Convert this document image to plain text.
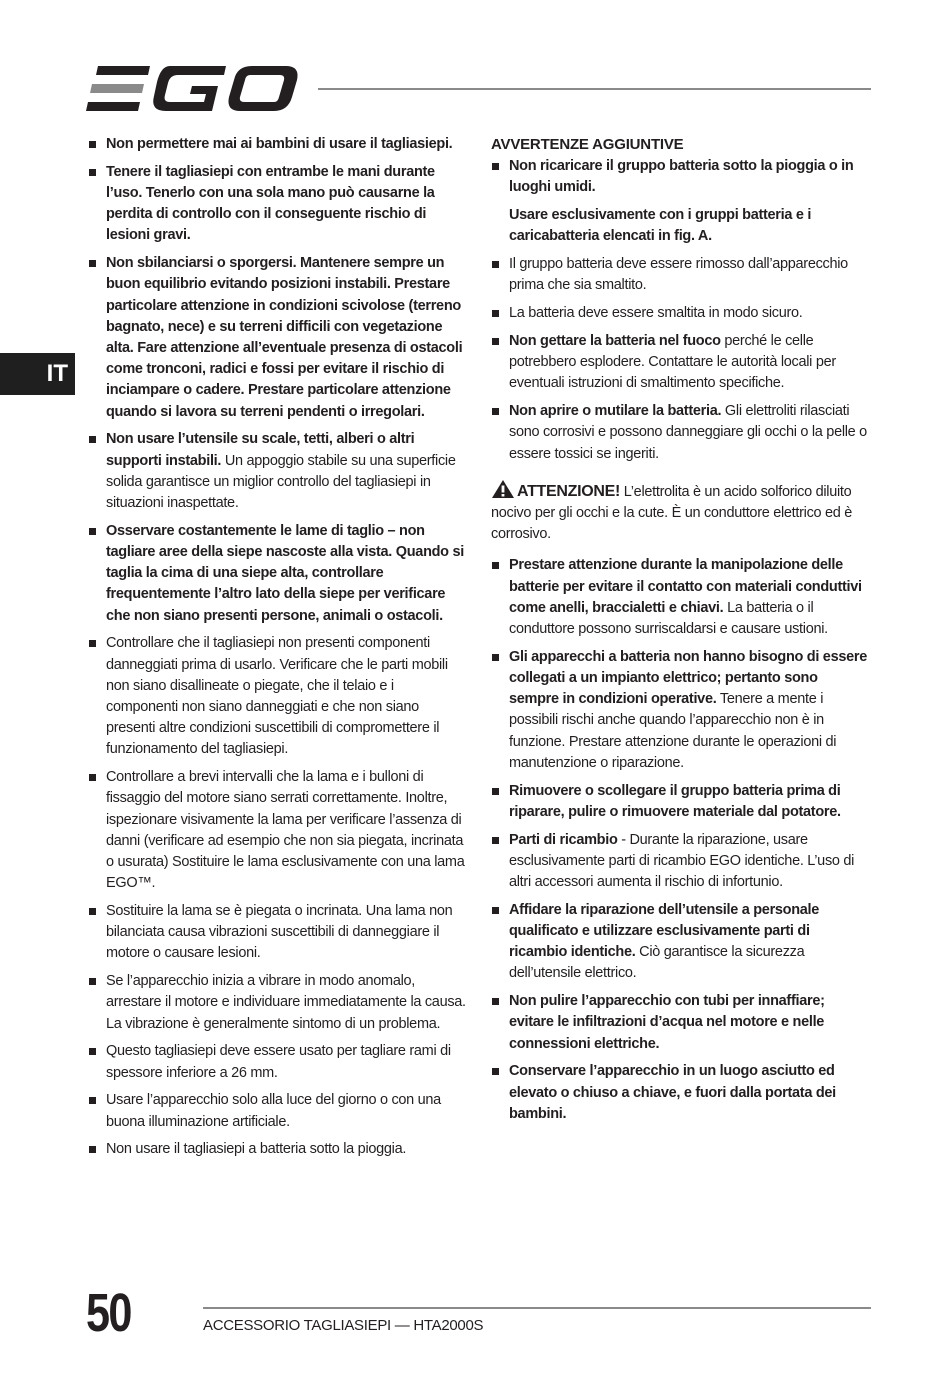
IT
Non permettere mai ai bambini di usare il tagliasiepi.
Tenere il tagliasiepi con entrambe le mani durante l’uso. Tenerlo con una sola mano può causarne la perdita di controllo con il conseguente rischio di lesioni gravi.
Non sbilanciarsi o sporgersi. Mantenere sempre un buon equilibrio evitando posizioni instabili. Prestare particolare attenzione in condizioni scivolose (terreno bagnato, nece) e su terreni difficili con vegetazione alta. Fare attenzione all’eventuale presenza di ostacoli come tronconi, radici e fossi per evitare il rischio di inciampare o cadere. Prestare particolare attenzione quando si lavora su terreni pendenti o irregolari.
Non usare l’utensile su scale, tetti, alberi o altri supporti instabili. Un appoggio stabile su una superficie solida garantisce un miglior controllo del tagliasiepi in situazioni inaspettate.
Osservare costantemente le lame di taglio – non tagliare aree della siepe nascoste alla vista. Quando si taglia la cima di una siepe alta, controllare frequentemente l’altro lato della siepe per verificare che non siano presenti persone, animali o ostacoli.
Controllare che il tagliasiepi non presenti componenti danneggiati prima di usarlo. Verificare che le parti mobili non siano disallineate o piegate, che il telaio e i componenti non siano danneggiati e che non siano presenti altre condizioni suscettibili di compromettere il funzionamento del tagliasiepi.
Controllare a brevi intervalli che la lama e i bulloni di fissaggio del motore siano serrati correttamente. Inoltre, ispezionare visivamente la lama per verificare l’assenza di danni (verificare ad esempio che non sia piegata, incrinata o usurata) Sostituire le lama esclusivamente con una lama EGO™.
Sostituire la lama se è piegata o incrinata. Una lama non bilanciata causa vibrazioni suscettibili di danneggiare il motore o causare lesioni.
Se l’apparecchio inizia a vibrare in modo anomalo, arrestare il motore e individuare immediatamente la causa. La vibrazione è generalmente sintomo di un problema.
Questo tagliasiepi deve essere usato per tagliare rami di spessore inferiore a 26 mm.
Usare l’apparecchio solo alla luce del giorno o con una buona illuminazione artificiale.
Non usare il tagliasiepi a batteria sotto la pioggia.
AVVERTENZE AGGIUNTIVE
Non ricaricare il gruppo batteria sotto la pioggia o in luoghi umidi.
Usare esclusivamente con i gruppi batteria e i caricabatteria elencati in fig. A.
Il gruppo batteria deve essere rimosso dall’apparecchio prima che sia smaltito.
La batteria deve essere smaltita in modo sicuro.
Non gettare la batteria nel fuoco perché le celle potrebbero esplodere. Contattare le autorità locali per eventuali istruzioni di smaltimento specifiche.
Non aprire o mutilare la batteria. Gli elettroliti rilasciati sono corrosivi e possono danneggiare gli occhi o la pelle o essere tossici se ingeriti.
ATTENZIONE! L’elettrolita è un acido solforico diluito nocivo per gli occhi e la cute. È un conduttore elettrico ed è corrosivo.
Prestare attenzione durante la manipolazione delle batterie per evitare il contatto con materiali conduttivi come anelli, braccialetti e chiavi. La batteria o il conduttore possono surriscaldarsi e causare ustioni.
Gli apparecchi a batteria non hanno bisogno di essere collegati a un impianto elettrico; pertanto sono sempre in condizioni operative. Tenere a mente i possibili rischi anche quando l’apparecchio non è in funzione. Prestare attenzione durante le operazioni di manutenzione o riparazione.
Rimuovere o scollegare il gruppo batteria prima di riparare, pulire o rimuovere materiale dal potatore.
Parti di ricambio - Durante la riparazione, usare esclusivamente parti di ricambio EGO identiche. L’uso di altri accessori aumenta il rischio di infortunio.
Affidare la riparazione dell’utensile a personale qualificato e utilizzare esclusivamente parti di ricambio identiche. Ciò garantisce la sicurezza dell’utensile elettrico.
Non pulire l’apparecchio con tubi per innaffiare; evitare le infiltrazioni d’acqua nel motore e nelle connessioni elettriche.
Conservare l’apparecchio in un luogo asciutto ed elevato o chiuso a chiave, e fuori dalla portata dei bambini.
50	ACCESSORIO TAGLIASIEPI — HTA2000S
